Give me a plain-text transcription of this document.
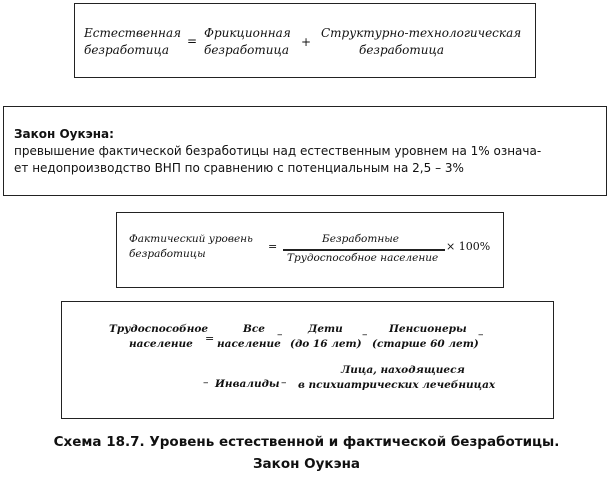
Естественная
безработица
=
Фрикционная
безработица
+
Структурно-технологическая
безработица
Закон Оукэна:
превышение фактической безработицы над естественным уровнем на 1% означа-
ет недопроизводство ВНП по сравнению с потенциальным на 2,5 – 3%
Фактический уровень
безработицы
=
Безработные
Трудоспособное население
× 100%
Трудоспособное
население =
Все
население
– Дети
(до 16 лет)
– Пенсионеры
(старше 60 лет)
–
– Инвалиды –
Лица, находящиеся
в психиатрических лечебницах
Схема 18.7. Уровень естественной и фактической безработицы.
Закон Оукэна
